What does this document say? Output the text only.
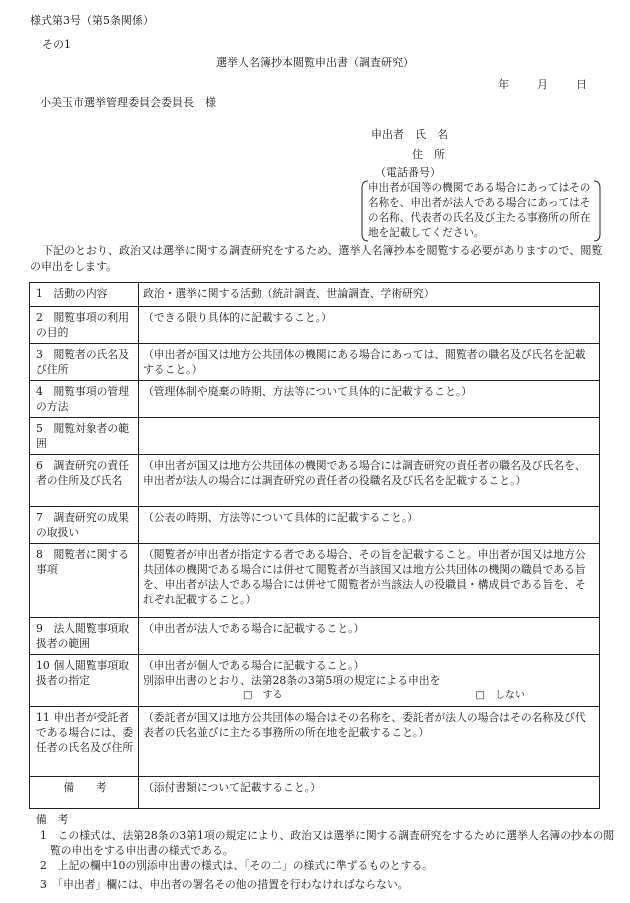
様式第3号（第5条関係）
その1
選挙人名簿抄本閲覧申出書（調査研究）
年	月	日
小美玉市選挙管理委員会委員長　様
申出者　氏　名
住　所
（電話番号）
申出者が国等の機関である場合にあってはその名称を、申出者が法人である場合にあってはその名称、代表者の氏名及び主たる事務所の所在地を記載してください。

下記のとおり、政治又は選挙に関する調査研究をするため、選挙人名簿抄本を閲覧する必要がありますので、閲覧の申出をします。

1 活動の内容	政治・選挙に関する活動（統計調査、世論調査、学術研究）
2 閲覧事項の利用の目的	（できる限り具体的に記載すること。）
3 閲覧者の氏名及び住所	（申出者が国又は地方公共団体の機関にある場合にあっては、閲覧者の職名及び氏名を記載すること。）
4 閲覧事項の管理の方法	（管理体制や廃棄の時期、方法等について具体的に記載すること。）
5 閲覧対象者の範囲	
6 調査研究の責任者の住所及び氏名	（申出者が国又は地方公共団体の機関である場合には調査研究の責任者の職名及び氏名を、申出者が法人の場合には調査研究の責任者の役職名及び氏名を記載すること。）
7 調査研究の成果の取扱い	（公表の時期、方法等について具体的に記載すること。）
8 閲覧者に関する事項	（閲覧者が申出者が指定する者である場合、その旨を記載すること。申出者が国又は地方公共団体の機関である場合には併せて閲覧者が当該国又は地方公共団体の機関の職員である旨を、申出者が法人である場合には併せて閲覧者が当該法人の役職員・構成員である旨を、それぞれ記載すること。）
9 法人閲覧事項取扱者の範囲	（申出者が法人である場合に記載すること。）
10 個人閲覧事項取扱者の指定	（申出者が個人である場合に記載すること。）
別添申出書のとおり、法第28条の3第5項の規定による申出を
□　する □　しない

11 申出者が受託者である場合には、委任者の氏名及び住所	（委託者が国又は地方公共団体の場合はその名称を、委託者が法人の場合はその名称及び代表者の氏名並びに主たる事務所の所在地を記載すること。）
備　　考	（添付書類について記載すること。）

備　考

1　この様式は、法第28条の3第1項の規定により、政治又は選挙に関する調査研究をするために選挙人名簿の抄本の閲覧の申出をする申出書の様式である。

2　上記の欄中10の別添申出書の様式は、「その二」の様式に準ずるものとする。

3　「申出者」欄には、申出者の署名その他の措置を行わなければならない。
